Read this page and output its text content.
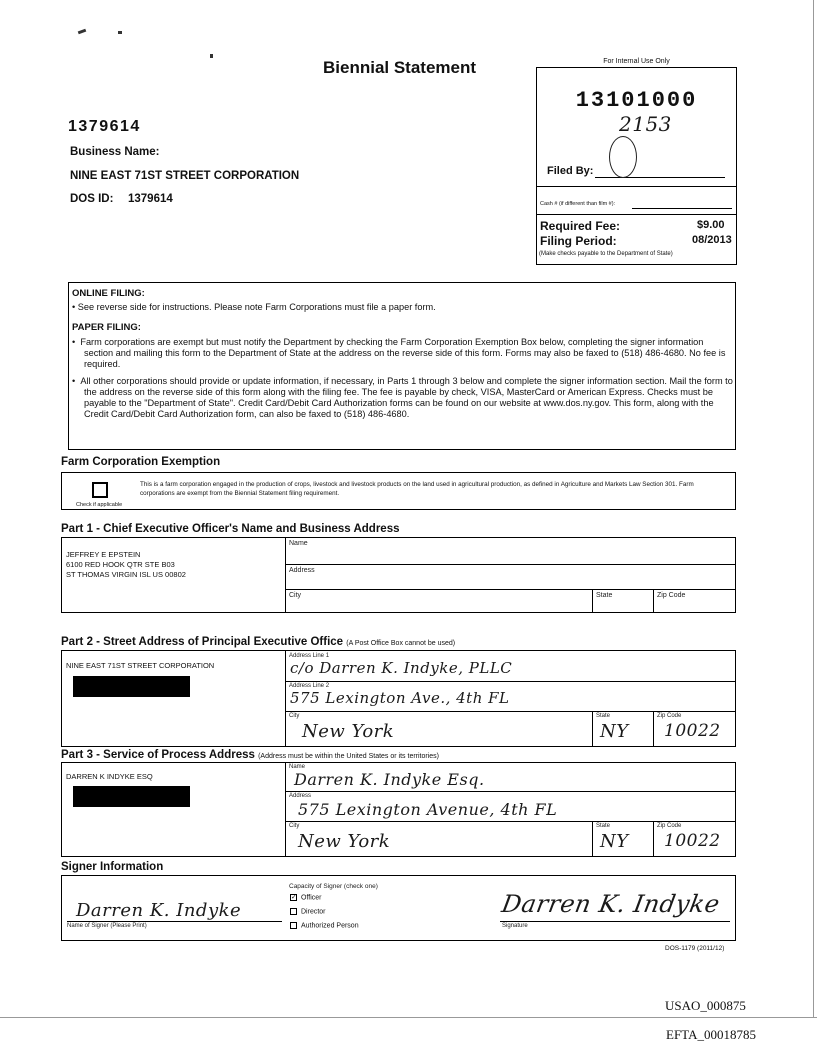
Biennial Statement
1379614
Business Name:
NINE EAST 71ST STREET CORPORATION
DOS ID: 1379614
For Internal Use Only
13101000
2153
Filed By:
Cash # (if different than film #):
Required Fee:	$9.00
Filing Period:	08/2013
(Make checks payable to the Department of State)
ONLINE FILING:
• See reverse side for instructions. Please note Farm Corporations must file a paper form.
PAPER FILING:
•  Farm corporations are exempt but must notify the Department by checking the Farm Corporation Exemption Box below, completing the signer information section and mailing this form to the Department of State at the address on the reverse side of this form. Forms may also be faxed to (518) 486-4680. No fee is required.
•  All other corporations should provide or update information, if necessary, in Parts 1 through 3 below and complete the signer information section. Mail the form to the address on the reverse side of this form along with the filing fee. The fee is payable by check, VISA, MasterCard or American Express. Checks must be payable to the "Department of State". Credit Card/Debit Card Authorization forms can be found on our website at www.dos.ny.gov. This form, along with the Credit Card/Debit Card Authorization form, can also be faxed to (518) 486-4680.
Farm Corporation Exemption
Check if applicable
This is a farm corporation engaged in the production of crops, livestock and livestock products on the land used in agricultural production, as defined in Agriculture and Markets Law Section 301. Farm corporations are exempt from the Biennial Statement filing requirement.
Part 1 - Chief Executive Officer's Name and Business Address
JEFFREY E EPSTEIN
6100 RED HOOK QTR STE B03
ST THOMAS VIRGIN ISL US 00802
Name
Address
City	State	Zip Code
Part 2 - Street Address of Principal Executive Office (A Post Office Box cannot be used)
NINE EAST 71ST STREET CORPORATION
Address Line 1
c/o Darren K. Indyke, PLLC
Address Line 2
575 Lexington Ave., 4th FL
City
New York
State
NY
Zip Code
10022
Part 3 - Service of Process Address (Address must be within the United States or its territories)
DARREN K INDYKE ESQ
Name
Darren K. Indyke Esq.
Address
575 Lexington Avenue, 4th FL
City
New York
State
NY
Zip Code
10022
Signer Information
Darren K. Indyke
Name of Signer (Please Print)
Capacity of Signer (check one)
✓ Officer
Director
Authorized Person
Darren K. Indyke
Signature
DOS-1179 (2011/12)
USAO_000875
EFTA_00018785
